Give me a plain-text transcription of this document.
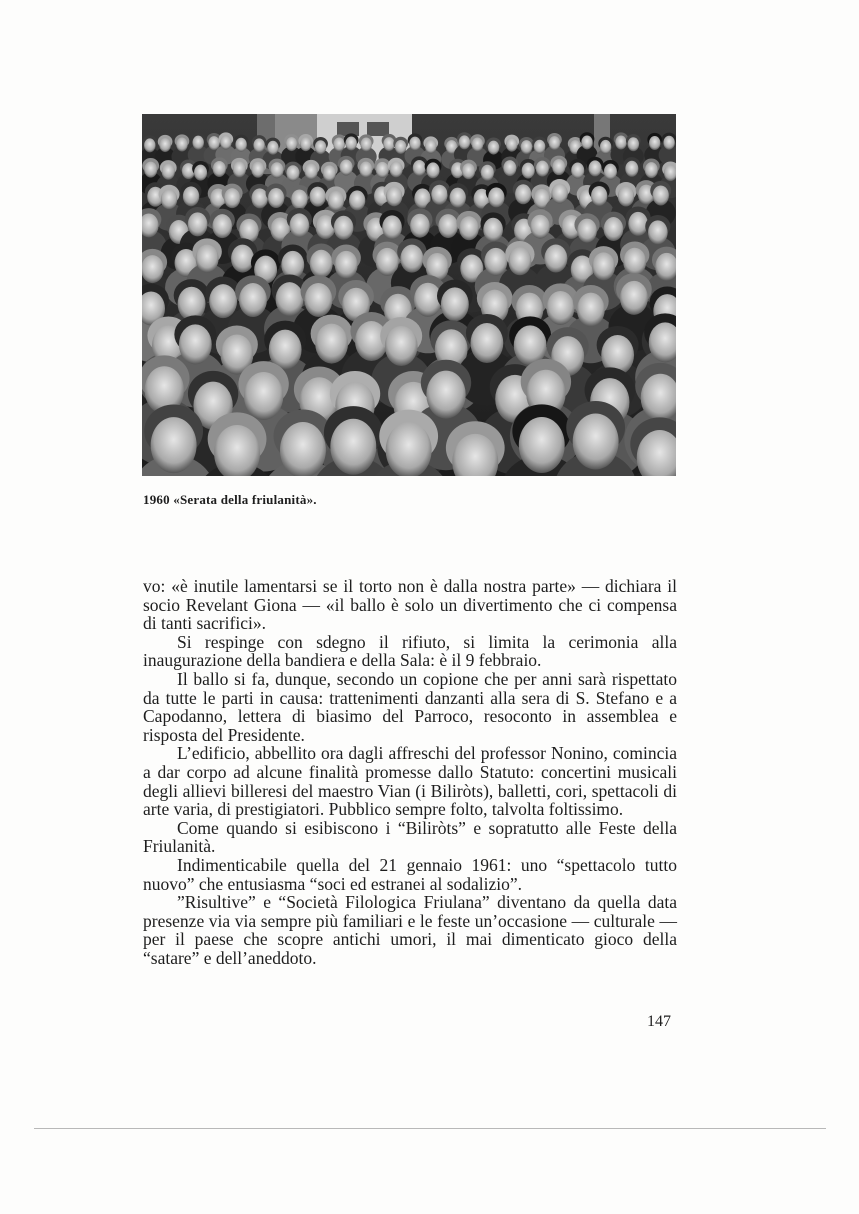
1960 «Serata della friulanità».

vo: «è inutile lamentarsi se il torto non è dalla nostra parte» — dichiara il socio Revelant Giona — «il ballo è solo un divertimento che ci compensa di tanti sacrifici».

Si respinge con sdegno il rifiuto, si limita la cerimonia alla inaugurazione della bandiera e della Sala: è il 9 febbraio.

Il ballo si fa, dunque, secondo un copione che per anni sarà rispettato da tutte le parti in causa: trattenimenti danzanti alla sera di S. Stefano e a Capodanno, lettera di biasimo del Parroco, resoconto in assemblea e risposta del Presidente.

L’edificio, abbellito ora dagli affreschi del professor Nonino, comincia a dar corpo ad alcune finalità promesse dallo Statuto: concertini musicali degli allievi billeresi del maestro Vian (i Biliròts), balletti, cori, spettacoli di arte varia, di prestigiatori. Pubblico sempre folto, talvolta foltissimo.

Come quando si esibiscono i “Biliròts” e sopratutto alle Feste della Friulanità.

Indimenticabile quella del 21 gennaio 1961: uno “spettacolo tutto nuovo” che entusiasma “soci ed estranei al sodalizio”.

”Risultive” e “Società Filologica Friulana” diventano da quella data presenze via via sempre più familiari e le feste un’occasione — culturale — per il paese che scopre antichi umori, il mai dimenticato gioco della “satare” e dell’aneddoto.

147
